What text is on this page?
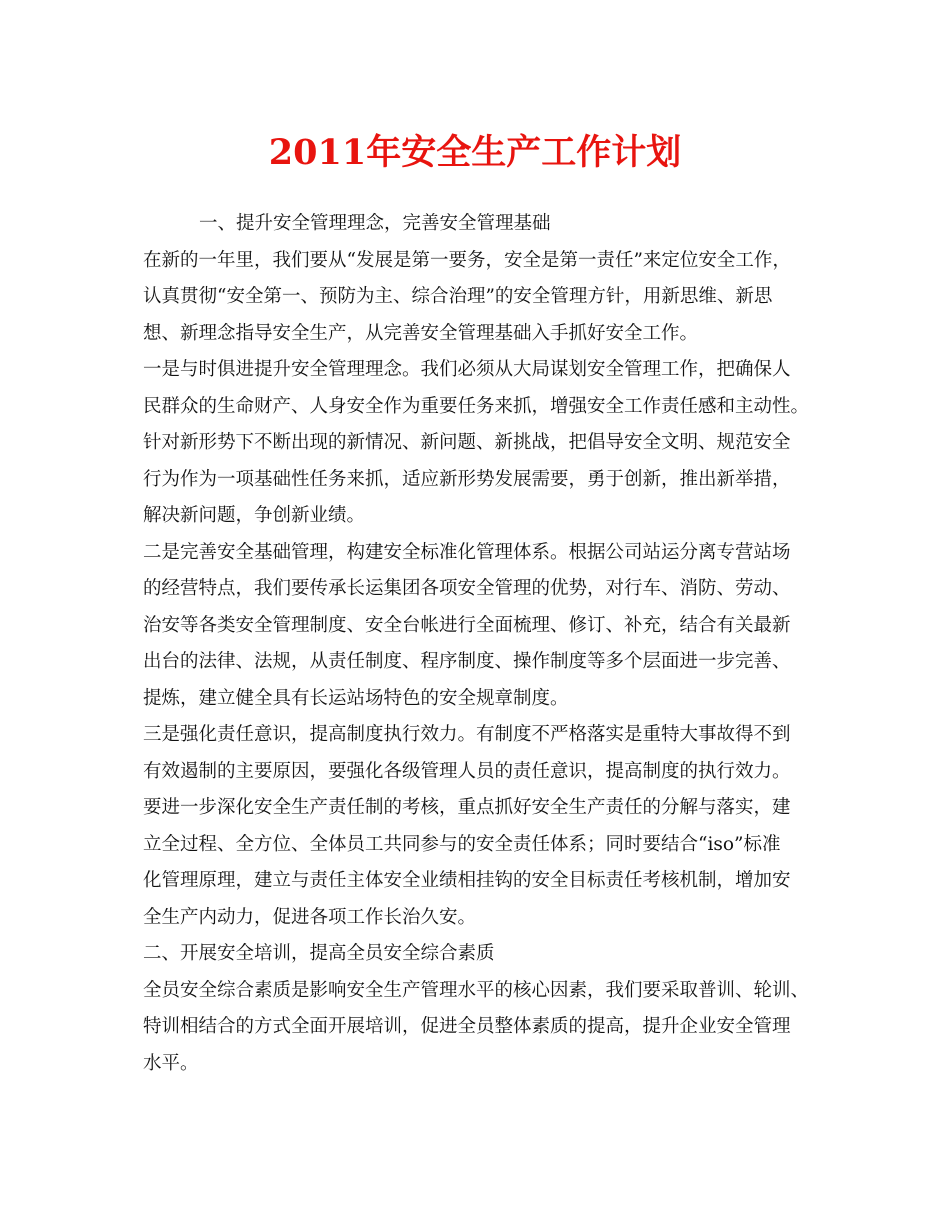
2011年安全生产工作计划
一、提升安全管理理念，完善安全管理基础
在新的一年里，我们要从“发展是第一要务，安全是第一责任”来定位安全工作，
认真贯彻“安全第一、预防为主、综合治理”的安全管理方针，用新思维、新思
想、新理念指导安全生产，从完善安全管理基础入手抓好安全工作。
一是与时俱进提升安全管理理念。我们必须从大局谋划安全管理工作，把确保人
民群众的生命财产、人身安全作为重要任务来抓，增强安全工作责任感和主动性。
针对新形势下不断出现的新情况、新问题、新挑战，把倡导安全文明、规范安全
行为作为一项基础性任务来抓，适应新形势发展需要，勇于创新，推出新举措，
解决新问题，争创新业绩。
二是完善安全基础管理，构建安全标准化管理体系。根据公司站运分离专营站场
的经营特点，我们要传承长运集团各项安全管理的优势，对行车、消防、劳动、
治安等各类安全管理制度、安全台帐进行全面梳理、修订、补充，结合有关最新
出台的法律、法规，从责任制度、程序制度、操作制度等多个层面进一步完善、
提炼，建立健全具有长运站场特色的安全规章制度。
三是强化责任意识，提高制度执行效力。有制度不严格落实是重特大事故得不到
有效遏制的主要原因，要强化各级管理人员的责任意识，提高制度的执行效力。
要进一步深化安全生产责任制的考核，重点抓好安全生产责任的分解与落实，建
立全过程、全方位、全体员工共同参与的安全责任体系；同时要结合“iso”标准
化管理原理，建立与责任主体安全业绩相挂钩的安全目标责任考核机制，增加安
全生产内动力，促进各项工作长治久安。
二、开展安全培训，提高全员安全综合素质
全员安全综合素质是影响安全生产管理水平的核心因素，我们要采取普训、轮训、
特训相结合的方式全面开展培训，促进全员整体素质的提高，提升企业安全管理
水平。
